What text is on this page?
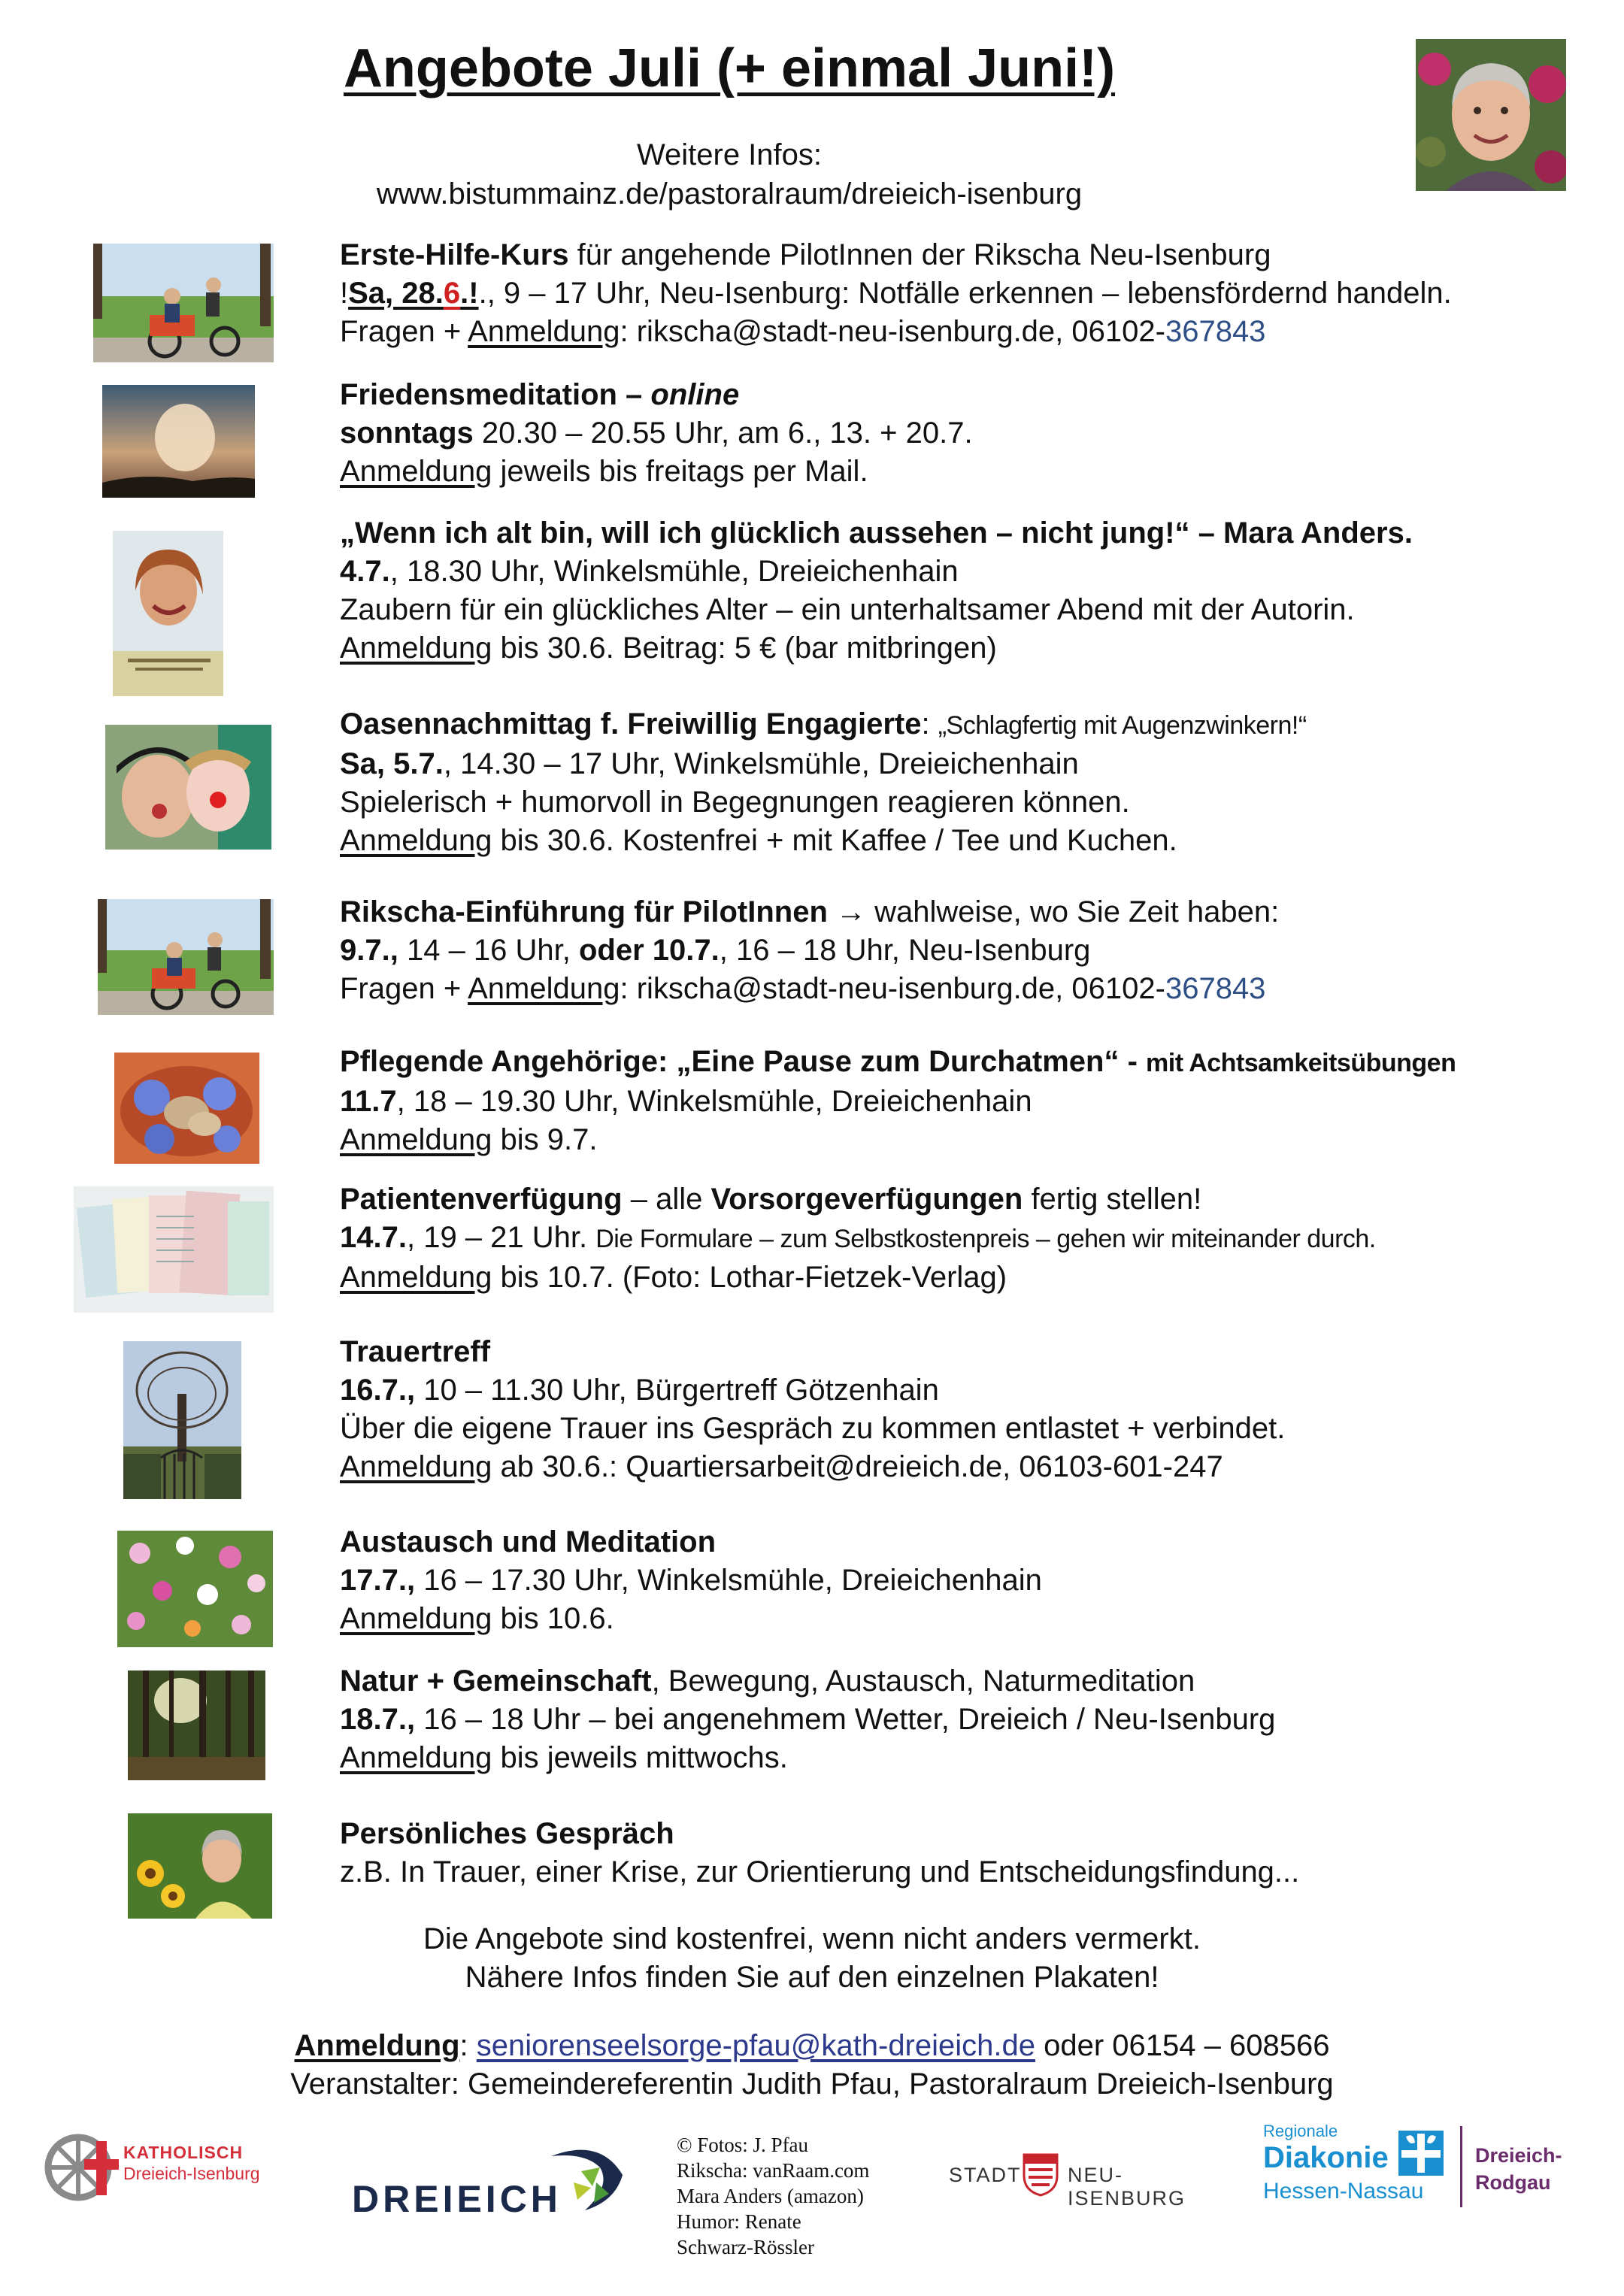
Angebote Juli (+ einmal Juni!)
Weitere Infos:
www.bistummainz.de/pastoralraum/dreieich-isenburg
Erste-Hilfe-Kurs für angehende PilotInnen der Rikscha Neu-Isenburg
!Sa, 28.6.!., 9 – 17 Uhr, Neu-Isenburg: Notfälle erkennen – lebensfördernd handeln.
Fragen + Anmeldung: rikscha@stadt-neu-isenburg.de, 06102-367843
Friedensmeditation – online
sonntags 20.30 – 20.55 Uhr, am 6., 13. + 20.7.
Anmeldung jeweils bis freitags per Mail.
„Wenn ich alt bin, will ich glücklich aussehen – nicht jung!“ – Mara Anders.
4.7., 18.30 Uhr, Winkelsmühle, Dreieichenhain
Zaubern für ein glückliches Alter – ein unterhaltsamer Abend mit der Autorin.
Anmeldung bis 30.6. Beitrag: 5 € (bar mitbringen)
Oasennachmittag f. Freiwillig Engagierte: „Schlagfertig mit Augenzwinkern!“
Sa, 5.7., 14.30 – 17 Uhr, Winkelsmühle, Dreieichenhain
Spielerisch + humorvoll in Begegnungen reagieren können.
Anmeldung bis 30.6. Kostenfrei + mit Kaffee / Tee und Kuchen.
Rikscha-Einführung für PilotInnen → wahlweise, wo Sie Zeit haben:
9.7., 14 – 16 Uhr, oder 10.7., 16 – 18 Uhr, Neu-Isenburg
Fragen + Anmeldung: rikscha@stadt-neu-isenburg.de, 06102-367843
Pflegende Angehörige: „Eine Pause zum Durchatmen“ - mit Achtsamkeitsübungen
11.7, 18 – 19.30 Uhr, Winkelsmühle, Dreieichenhain
Anmeldung bis 9.7.
Patientenverfügung – alle Vorsorgeverfügungen fertig stellen!
14.7., 19 – 21 Uhr. Die Formulare – zum Selbstkostenpreis – gehen wir miteinander durch.
Anmeldung bis 10.7. (Foto: Lothar-Fietzek-Verlag)
Trauertreff
16.7., 10 – 11.30 Uhr, Bürgertreff Götzenhain
Über die eigene Trauer ins Gespräch zu kommen entlastet + verbindet.
Anmeldung ab 30.6.: Quartiersarbeit@dreieich.de, 06103-601-247
Austausch und Meditation
17.7., 16 – 17.30 Uhr, Winkelsmühle, Dreieichenhain
Anmeldung bis 10.6.
Natur + Gemeinschaft, Bewegung, Austausch, Naturmeditation
18.7., 16 – 18 Uhr – bei angenehmem Wetter, Dreieich / Neu-Isenburg
Anmeldung bis jeweils mittwochs.
Persönliches Gespräch
z.B. In Trauer, einer Krise, zur Orientierung und Entscheidungsfindung...
Die Angebote sind kostenfrei, wenn nicht anders vermerkt.
Nähere Infos finden Sie auf den einzelnen Plakaten!
Anmeldung: seniorenseelsorge-pfau@kath-dreieich.de oder 06154 – 608566
Veranstalter: Gemeindereferentin Judith Pfau, Pastoralraum Dreieich-Isenburg
KATHOLISCH
Dreieich-Isenburg
DREIEICH
© Fotos: J. Pfau
Rikscha: vanRaam.com
Mara Anders (amazon)
Humor: Renate
Schwarz-Rössler
STADT NEU-ISENBURG
Regionale
Diakonie
Hessen-Nassau
Dreieich-
Rodgau
